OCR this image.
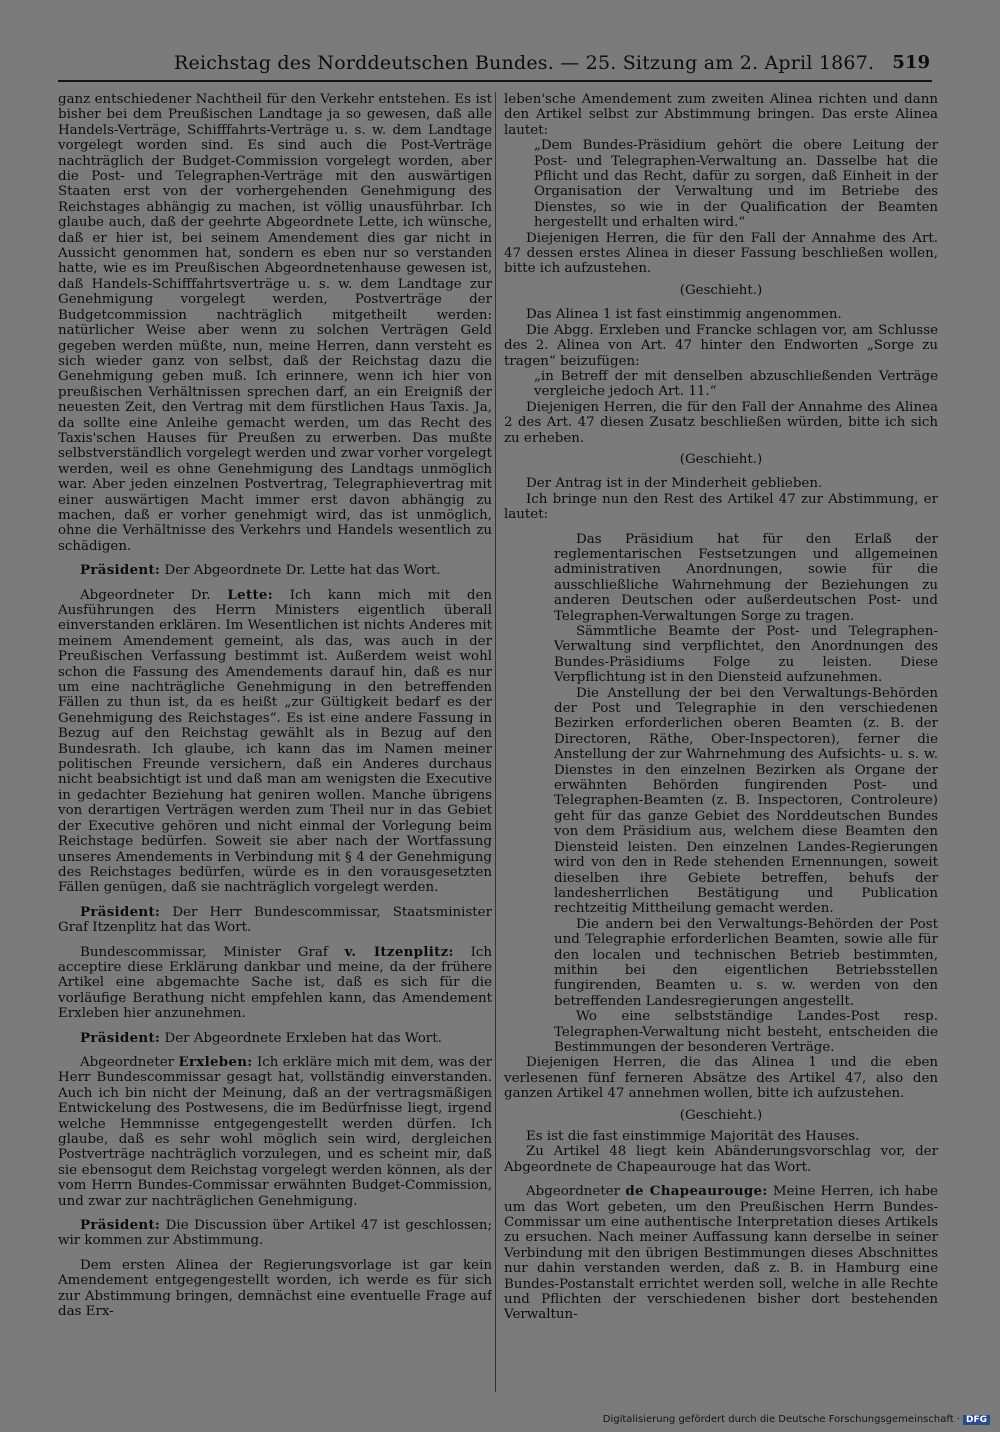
Reichstag des Norddeutschen Bundes. — 25. Sitzung am 2. April 1867. 519

ganz entschiedener Nachtheil für den Verkehr entstehen. Es ist bisher bei dem Preußischen Landtage ja so gewesen, daß alle Handels-Verträge, Schifffahrts-Verträge u. s. w. dem Landtage vorgelegt worden sind. Es sind auch die Post-Verträge nachträglich der Budget-Commission vorgelegt worden, aber die Post- und Telegraphen-Verträge mit den auswärtigen Staaten erst von der vorhergehenden Genehmigung des Reichstages abhängig zu machen, ist völlig unausführbar. Ich glaube auch, daß der geehrte Abgeordnete Lette, ich wünsche, daß er hier ist, bei seinem Amendement dies gar nicht in Aussicht genommen hat, sondern es eben nur so verstanden hatte, wie es im Preußischen Abgeordnetenhause gewesen ist, daß Handels-Schifffahrtsverträge u. s. w. dem Landtage zur Genehmigung vorgelegt werden, Postverträge der Budgetcommission nachträglich mitgetheilt werden: natürlicher Weise aber wenn zu solchen Verträgen Geld gegeben werden müßte, nun, meine Herren, dann versteht es sich wieder ganz von selbst, daß der Reichstag dazu die Genehmigung geben muß. Ich erinnere, wenn ich hier von preußischen Verhältnissen sprechen darf, an ein Ereigniß der neuesten Zeit, den Vertrag mit dem fürstlichen Haus Taxis. Ja, da sollte eine Anleihe gemacht werden, um das Recht des Taxis'schen Hauses für Preußen zu erwerben. Das mußte selbstverständlich vorgelegt werden und zwar vorher vorgelegt werden, weil es ohne Genehmigung des Landtags unmöglich war. Aber jeden einzelnen Postvertrag, Telegraphievertrag mit einer auswärtigen Macht immer erst davon abhängig zu machen, daß er vorher genehmigt wird, das ist unmöglich, ohne die Verhältnisse des Verkehrs und Handels wesentlich zu schädigen.

Präsident: Der Abgeordnete Dr. Lette hat das Wort.

Abgeordneter Dr. Lette: Ich kann mich mit den Ausführungen des Herrn Ministers eigentlich überall einverstanden erklären. Im Wesentlichen ist nichts Anderes mit meinem Amendement gemeint, als das, was auch in der Preußischen Verfassung bestimmt ist. Außerdem weist wohl schon die Fassung des Amendements darauf hin, daß es nur um eine nachträgliche Genehmigung in den betreffenden Fällen zu thun ist, da es heißt „zur Gültigkeit bedarf es der Genehmigung des Reichstages“. Es ist eine andere Fassung in Bezug auf den Reichstag gewählt als in Bezug auf den Bundesrath. Ich glaube, ich kann das im Namen meiner politischen Freunde versichern, daß ein Anderes durchaus nicht beabsichtigt ist und daß man am wenigsten die Executive in gedachter Beziehung hat geniren wollen. Manche übrigens von derartigen Verträgen werden zum Theil nur in das Gebiet der Executive gehören und nicht einmal der Vorlegung beim Reichstage bedürfen. Soweit sie aber nach der Wortfassung unseres Amendements in Verbindung mit § 4 der Genehmigung des Reichstages bedürfen, würde es in den vorausgesetzten Fällen genügen, daß sie nachträglich vorgelegt werden.

Präsident: Der Herr Bundescommissar, Staatsminister Graf Itzenplitz hat das Wort.

Bundescommissar, Minister Graf v. Itzenplitz: Ich acceptire diese Erklärung dankbar und meine, da der frühere Artikel eine abgemachte Sache ist, daß es sich für die vorläufige Berathung nicht empfehlen kann, das Amendement Erxleben hier anzunehmen.

Präsident: Der Abgeordnete Erxleben hat das Wort.

Abgeordneter Erxleben: Ich erkläre mich mit dem, was der Herr Bundescommissar gesagt hat, vollständig einverstanden. Auch ich bin nicht der Meinung, daß an der vertragsmäßigen Entwickelung des Postwesens, die im Bedürfnisse liegt, irgend welche Hemmnisse entgegengestellt werden dürfen. Ich glaube, daß es sehr wohl möglich sein wird, dergleichen Postverträge nachträglich vorzulegen, und es scheint mir, daß sie ebensogut dem Reichstag vorgelegt werden können, als der vom Herrn Bundes-Commissar erwähnten Budget-Commission, und zwar zur nachträglichen Genehmigung.

Präsident: Die Discussion über Artikel 47 ist geschlossen; wir kommen zur Abstimmung.

Dem ersten Alinea der Regierungsvorlage ist gar kein Amendement entgegengestellt worden, ich werde es für sich zur Abstimmung bringen, demnächst eine eventuelle Frage auf das Erx-

leben'sche Amendement zum zweiten Alinea richten und dann den Artikel selbst zur Abstimmung bringen. Das erste Alinea lautet:

„Dem Bundes-Präsidium gehört die obere Leitung der Post- und Telegraphen-Verwaltung an. Dasselbe hat die Pflicht und das Recht, dafür zu sorgen, daß Einheit in der Organisation der Verwaltung und im Betriebe des Dienstes, so wie in der Qualification der Beamten hergestellt und erhalten wird.“

Diejenigen Herren, die für den Fall der Annahme des Art. 47 dessen erstes Alinea in dieser Fassung beschließen wollen, bitte ich aufzustehen.

(Geschieht.)

Das Alinea 1 ist fast einstimmig angenommen.

Die Abgg. Erxleben und Francke schlagen vor, am Schlusse des 2. Alinea von Art. 47 hinter den Endworten „Sorge zu tragen“ beizufügen:

„in Betreff der mit denselben abzuschließenden Verträge vergleiche jedoch Art. 11.“

Diejenigen Herren, die für den Fall der Annahme des Alinea 2 des Art. 47 diesen Zusatz beschließen würden, bitte ich sich zu erheben.

(Geschieht.)

Der Antrag ist in der Minderheit geblieben.

Ich bringe nun den Rest des Artikel 47 zur Abstimmung, er lautet:

Das Präsidium hat für den Erlaß der reglementarischen Festsetzungen und allgemeinen administrativen Anordnungen, sowie für die ausschließliche Wahrnehmung der Beziehungen zu anderen Deutschen oder außerdeutschen Post- und Telegraphen-Verwaltungen Sorge zu tragen.

Sämmtliche Beamte der Post- und Telegraphen-Verwaltung sind verpflichtet, den Anordnungen des Bundes-Präsidiums Folge zu leisten. Diese Verpflichtung ist in den Diensteid aufzunehmen.

Die Anstellung der bei den Verwaltungs-Behörden der Post und Telegraphie in den verschiedenen Bezirken erforderlichen oberen Beamten (z. B. der Directoren, Räthe, Ober-Inspectoren), ferner die Anstellung der zur Wahrnehmung des Aufsichts- u. s. w. Dienstes in den einzelnen Bezirken als Organe der erwähnten Behörden fungirenden Post- und Telegraphen-Beamten (z. B. Inspectoren, Controleure) geht für das ganze Gebiet des Norddeutschen Bundes von dem Präsidium aus, welchem diese Beamten den Diensteid leisten. Den einzelnen Landes-Regierungen wird von den in Rede stehenden Ernennungen, soweit dieselben ihre Gebiete betreffen, behufs der landesherrlichen Bestätigung und Publication rechtzeitig Mittheilung gemacht werden.

Die andern bei den Verwaltungs-Behörden der Post und Telegraphie erforderlichen Beamten, sowie alle für den localen und technischen Betrieb bestimmten, mithin bei den eigentlichen Betriebsstellen fungirenden, Beamten u. s. w. werden von den betreffenden Landesregierungen angestellt.

Wo eine selbstständige Landes-Post resp. Telegraphen-Verwaltung nicht besteht, entscheiden die Bestimmungen der besonderen Verträge.

Diejenigen Herren, die das Alinea 1 und die eben verlesenen fünf ferneren Absätze des Artikel 47, also den ganzen Artikel 47 annehmen wollen, bitte ich aufzustehen.

(Geschieht.)

Es ist die fast einstimmige Majorität des Hauses.

Zu Artikel 48 liegt kein Abänderungsvorschlag vor, der Abgeordnete de Chapeaurouge hat das Wort.

Abgeordneter de Chapeaurouge: Meine Herren, ich habe um das Wort gebeten, um den Preußischen Herrn Bundes-Commissar um eine authentische Interpretation dieses Artikels zu ersuchen. Nach meiner Auffassung kann derselbe in seiner Verbindung mit den übrigen Bestimmungen dieses Abschnittes nur dahin verstanden werden, daß z. B. in Hamburg eine Bundes-Postanstalt errichtet werden soll, welche in alle Rechte und Pflichten der verschiedenen bisher dort bestehenden Verwaltun-

Digitalisierung gefördert durch die Deutsche Forschungsgemeinschaft · DFG
